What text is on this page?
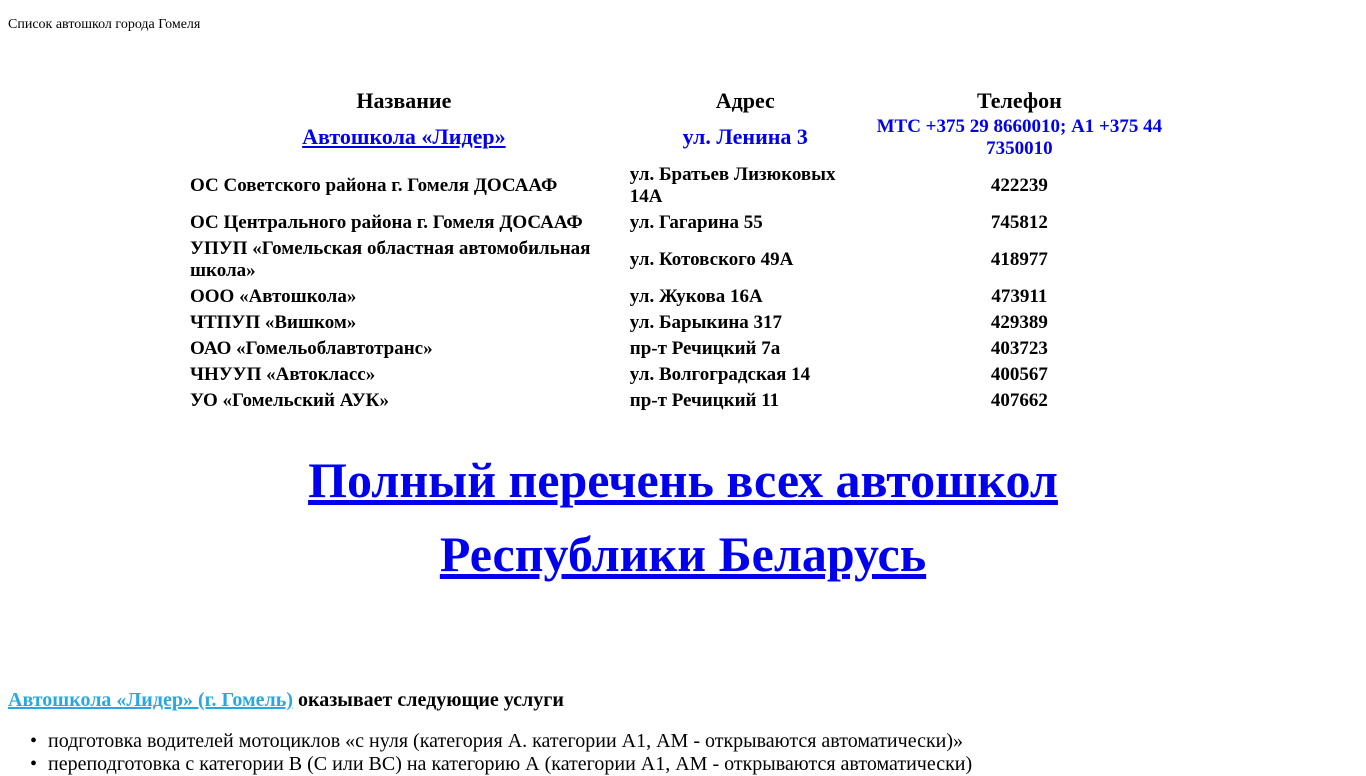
Список автошкол города Гомеля
Название	Адрес	Телефон
Автошкола «Лидер»	ул. Ленина 3	МТС +375 29 8660010; А1 +375 44
7350010
ОС Советского района г. Гомеля ДОСААФ	ул. Братьев Лизюковых 14А	422239
ОС Центрального района г. Гомеля ДОСААФ	ул. Гагарина 55	745812
УПУП «Гомельская областная автомобильная школа»	ул. Котовского 49А	418977
ООО «Автошкола»	ул. Жукова 16А	473911
ЧТПУП «Вишком»	ул. Барыкина 317	429389
ОАО «Гомельоблавтотранс»	пр-т Речицкий 7а	403723
ЧНУУП «Автокласс»	ул. Волгоградская 14	400567
УО «Гомельский АУК»	пр-т Речицкий 11	407662
Полный перечень всех автошкол
Республики Беларусь
Автошкола «Лидер» (г. Гомель) оказывает следующие услуги
• подготовка водителей мотоциклов «с нуля (категория А. категории А1, АМ - открываются автоматически)»
• переподготовка с категории В (С или ВС) на категорию А (категории А1, АМ - открываются автоматически)
